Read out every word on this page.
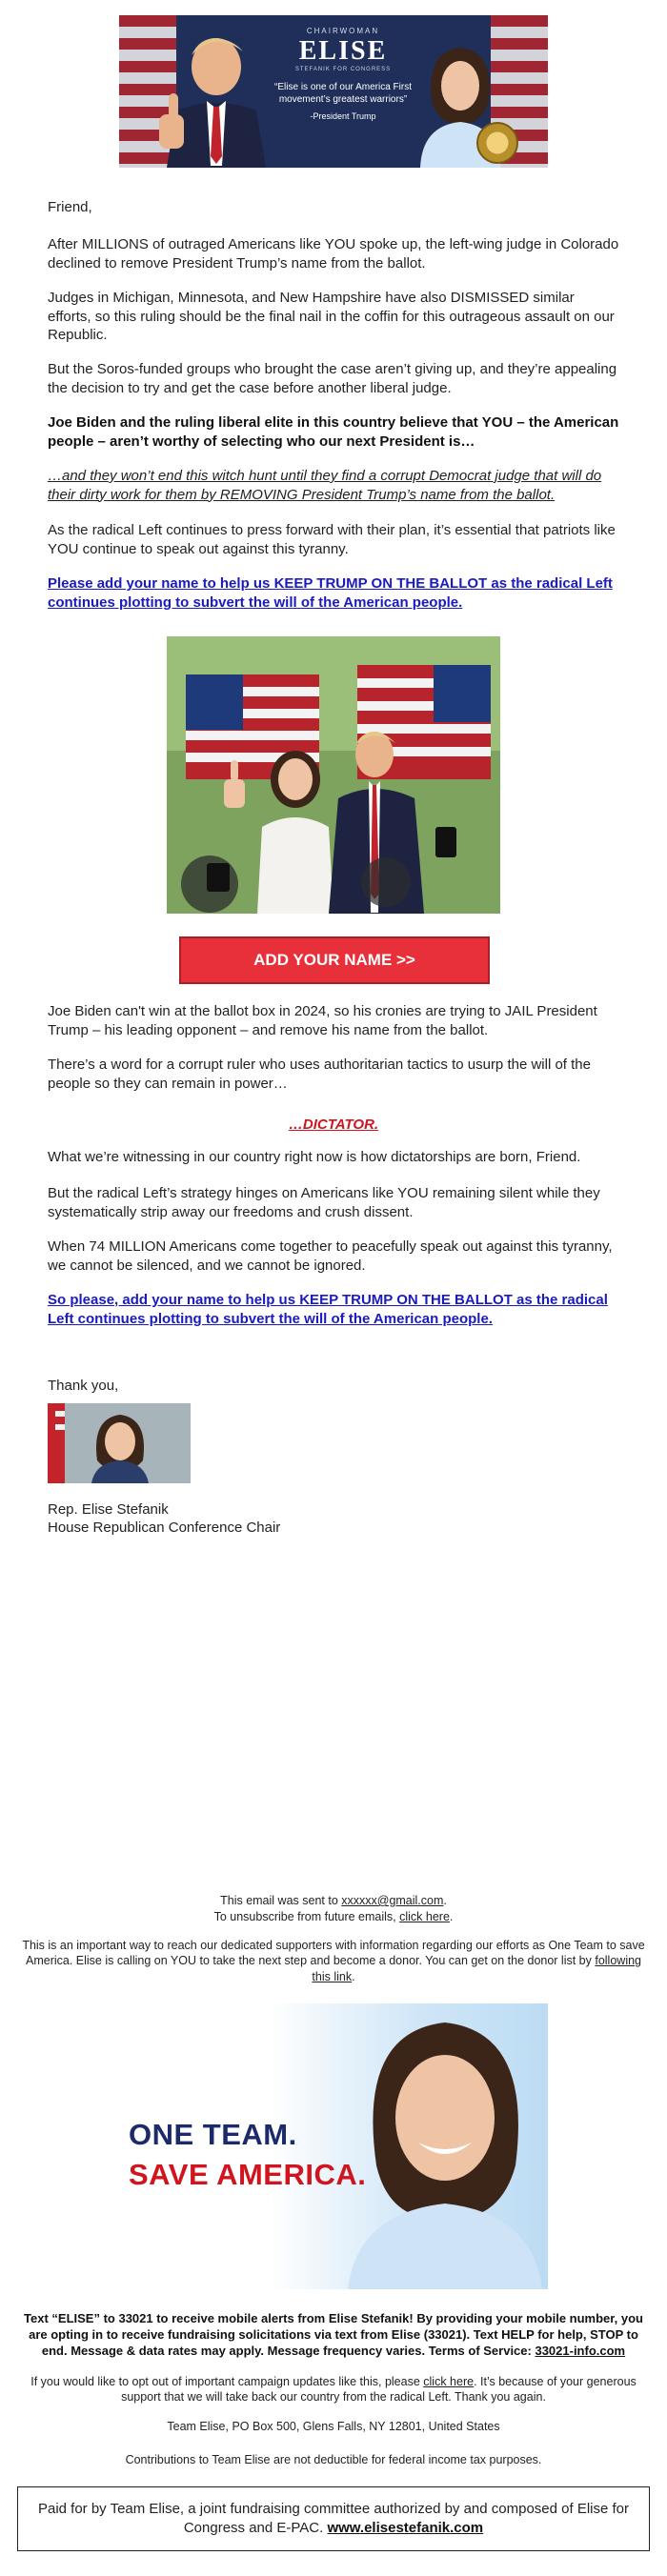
CHAIRWOMAN
ELISE
STEFANIK FOR CONGRESS
“Elise is one of our America First movement’s greatest warriors”
-President Trump
Friend,
After MILLIONS of outraged Americans like YOU spoke up, the left-wing judge in Colorado declined to remove President Trump’s name from the ballot.
Judges in Michigan, Minnesota, and New Hampshire have also DISMISSED similar efforts, so this ruling should be the final nail in the coffin for this outrageous assault on our Republic.
But the Soros-funded groups who brought the case aren’t giving up, and they’re appealing the decision to try and get the case before another liberal judge.
Joe Biden and the ruling liberal elite in this country believe that YOU – the American people – aren’t worthy of selecting who our next President is…
…and they won’t end this witch hunt until they find a corrupt Democrat judge that will do their dirty work for them by REMOVING President Trump’s name from the ballot.
As the radical Left continues to press forward with their plan, it’s essential that patriots like YOU continue to speak out against this tyranny.
Please add your name to help us KEEP TRUMP ON THE BALLOT as the radical Left continues plotting to subvert the will of the American people.
ADD YOUR NAME >>
Joe Biden can't win at the ballot box in 2024, so his cronies are trying to JAIL President Trump – his leading opponent – and remove his name from the ballot.
There’s a word for a corrupt ruler who uses authoritarian tactics to usurp the will of the people so they can remain in power…
…DICTATOR.
What we’re witnessing in our country right now is how dictatorships are born, Friend.
But the radical Left’s strategy hinges on Americans like YOU remaining silent while they systematically strip away our freedoms and crush dissent.
When 74 MILLION Americans come together to peacefully speak out against this tyranny, we cannot be silenced, and we cannot be ignored.
So please, add your name to help us KEEP TRUMP ON THE BALLOT as the radical Left continues plotting to subvert the will of the American people.
Thank you,
Rep. Elise Stefanik
House Republican Conference Chair
This email was sent to xxxxxx@gmail.com.
To unsubscribe from future emails, click here.
This is an important way to reach our dedicated supporters with information regarding our efforts as One Team to save America. Elise is calling on YOU to take the next step and become a donor. You can get on the donor list by following this link.
ONE TEAM.
SAVE AMERICA.
Text “ELISE” to 33021 to receive mobile alerts from Elise Stefanik! By providing your mobile number, you are opting in to receive fundraising solicitations via text from Elise (33021). Text HELP for help, STOP to end. Message & data rates may apply. Message frequency varies. Terms of Service: 33021-info.com
If you would like to opt out of important campaign updates like this, please click here. It’s because of your generous support that we will take back our country from the radical Left. Thank you again.
Team Elise, PO Box 500, Glens Falls, NY 12801, United States
Contributions to Team Elise are not deductible for federal income tax purposes.
Paid for by Team Elise, a joint fundraising committee authorized by and composed of Elise for Congress and E-PAC. www.elisestefanik.com
